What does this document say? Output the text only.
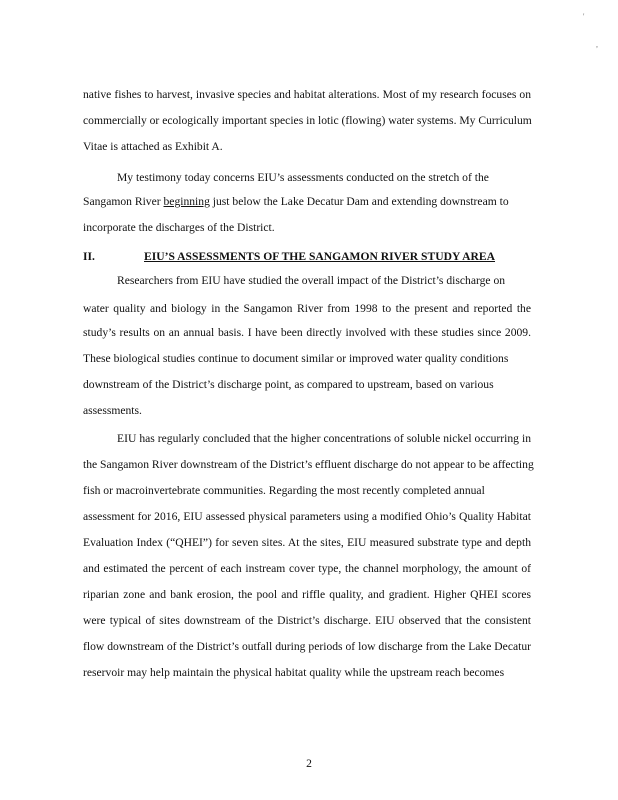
'
,
native fishes to harvest, invasive species and habitat alterations. Most of my research focuses on
commercially or ecologically important species in lotic (flowing) water systems. My Curriculum
Vitae is attached as Exhibit A.
My testimony today concerns EIU’s assessments conducted on the stretch of the
Sangamon River beginning just below the Lake Decatur Dam and extending downstream to
incorporate the discharges of the District.
II.	EIU’S ASSESSMENTS OF THE SANGAMON RIVER STUDY AREA
Researchers from EIU have studied the overall impact of the District’s discharge on
water quality and biology in the Sangamon River from 1998 to the present and reported the
study’s results on an annual basis. I have been directly involved with these studies since 2009.
These biological studies continue to document similar or improved water quality conditions
downstream of the District’s discharge point, as compared to upstream, based on various
assessments.
EIU has regularly concluded that the higher concentrations of soluble nickel occurring in
the Sangamon River downstream of the District’s effluent discharge do not appear to be affecting
fish or macroinvertebrate communities. Regarding the most recently completed annual
assessment for 2016, EIU assessed physical parameters using a modified Ohio’s Quality Habitat
Evaluation Index (“QHEI”) for seven sites. At the sites, EIU measured substrate type and depth
and estimated the percent of each instream cover type, the channel morphology, the amount of
riparian zone and bank erosion, the pool and riffle quality, and gradient. Higher QHEI scores
were typical of sites downstream of the District’s discharge. EIU observed that the consistent
flow downstream of the District’s outfall during periods of low discharge from the Lake Decatur
reservoir may help maintain the physical habitat quality while the upstream reach becomes
2
